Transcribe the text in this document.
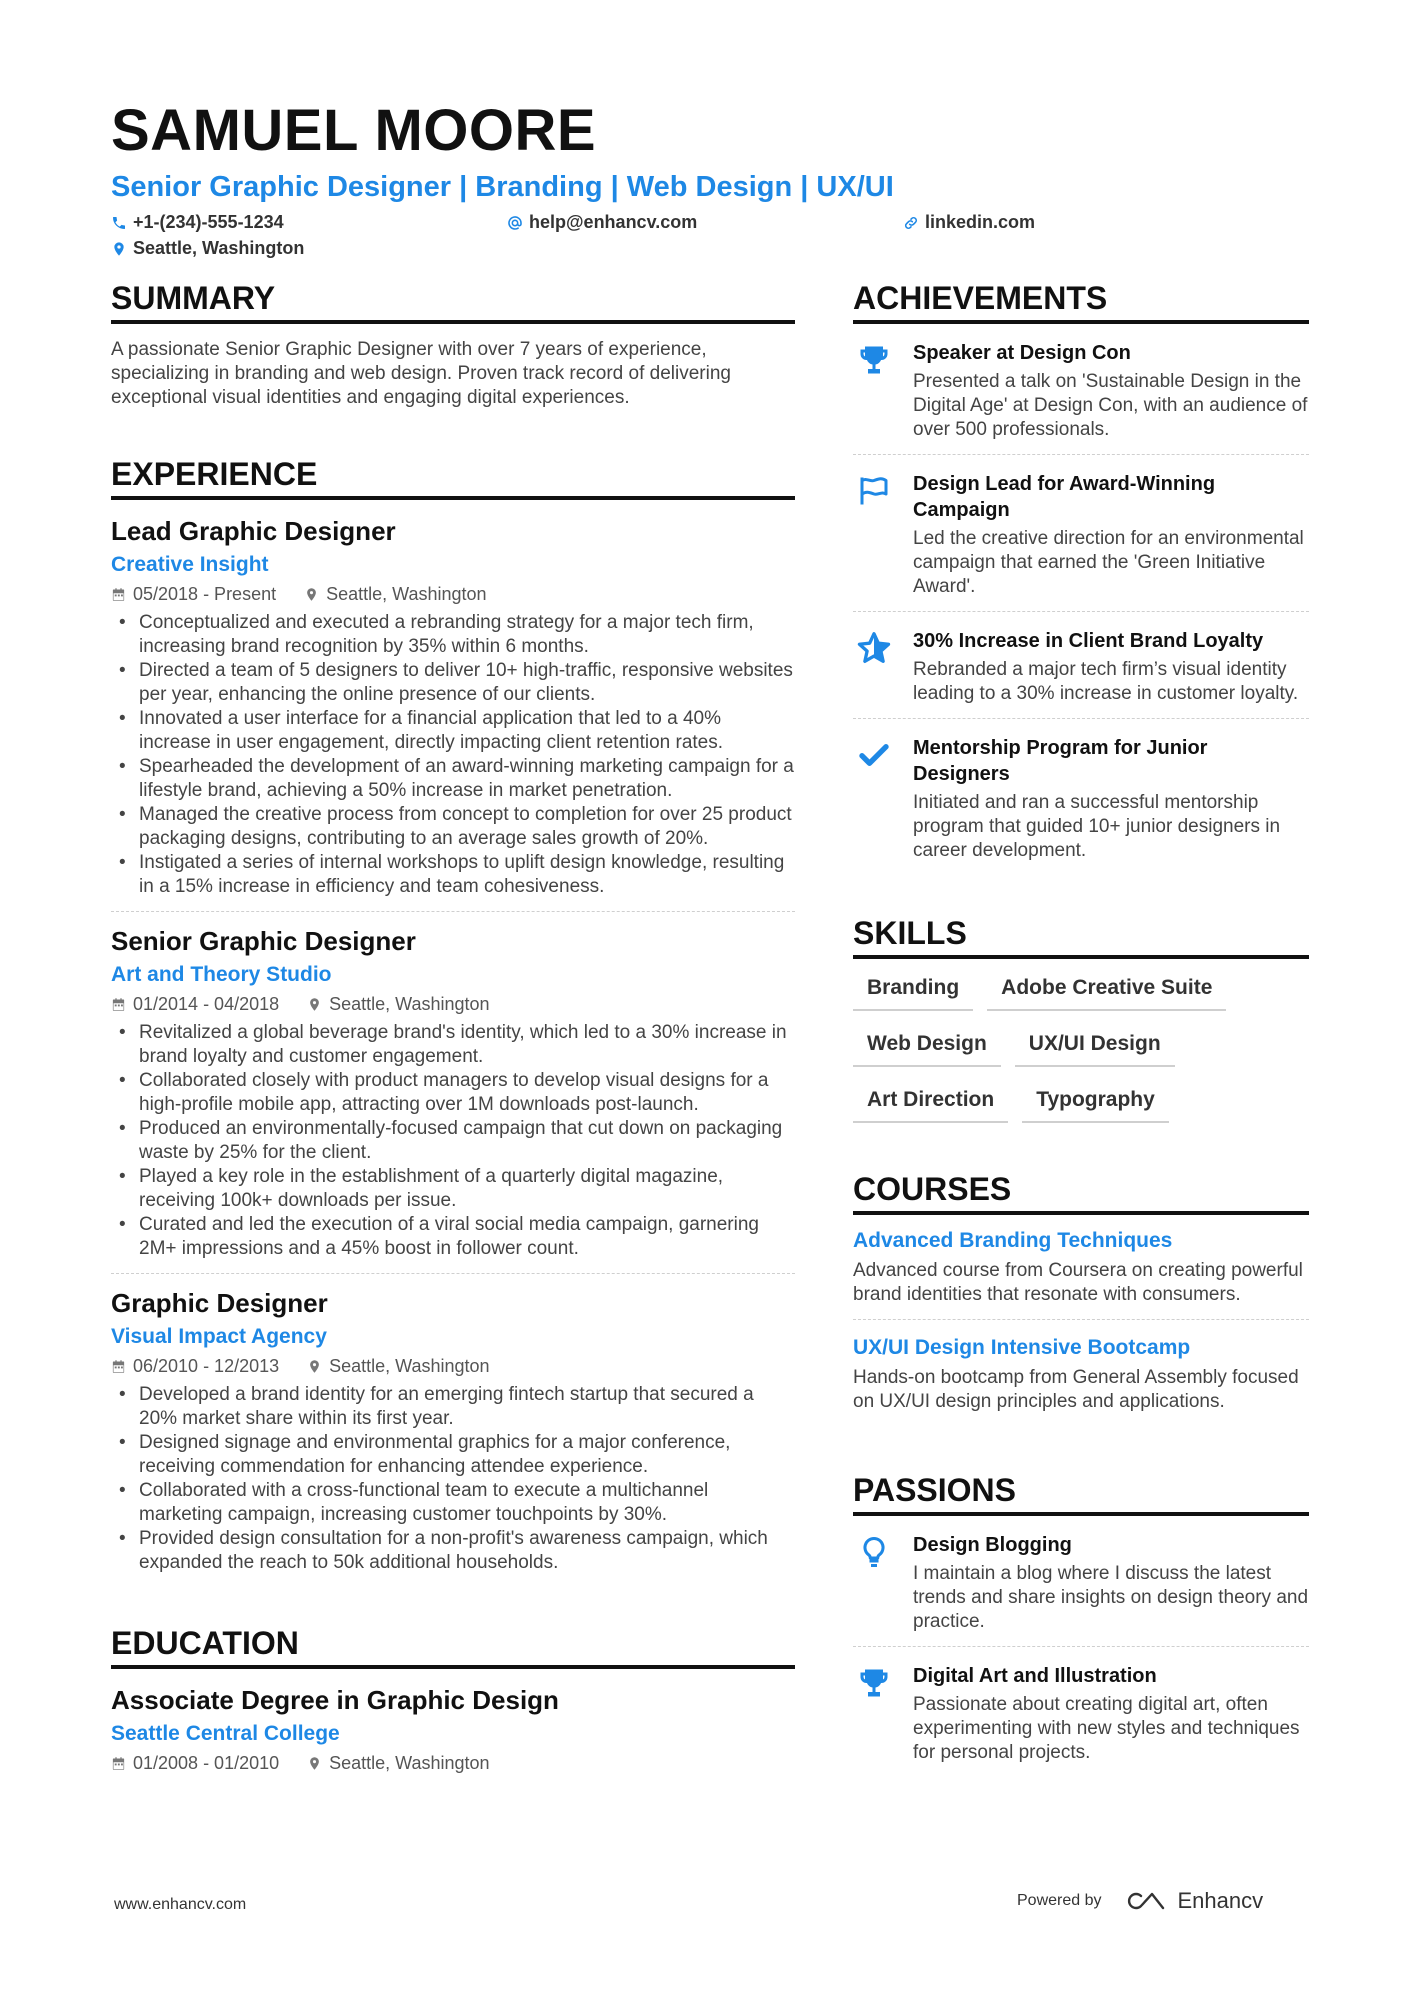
SAMUEL MOORE
Senior Graphic Designer | Branding | Web Design | UX/UI
+1-(234)-555-1234	help@enhancv.com	linkedin.com
Seattle, Washington
SUMMARY

A passionate Senior Graphic Designer with over 7 years of experience, specializing in branding and web design. Proven track record of delivering exceptional visual identities and engaging digital experiences.

EXPERIENCE
Lead Graphic Designer
Creative Insight
05/2018 - Present	Seattle, Washington
• Conceptualized and executed a rebranding strategy for a major tech firm, increasing brand recognition by 35% within 6 months.
• Directed a team of 5 designers to deliver 10+ high-traffic, responsive websites per year, enhancing the online presence of our clients.
• Innovated a user interface for a financial application that led to a 40% increase in user engagement, directly impacting client retention rates.
• Spearheaded the development of an award-winning marketing campaign for a lifestyle brand, achieving a 50% increase in market penetration.
• Managed the creative process from concept to completion for over 25 product packaging designs, contributing to an average sales growth of 20%.
• Instigated a series of internal workshops to uplift design knowledge, resulting in a 15% increase in efficiency and team cohesiveness.
Senior Graphic Designer
Art and Theory Studio
01/2014 - 04/2018	Seattle, Washington
• Revitalized a global beverage brand's identity, which led to a 30% increase in brand loyalty and customer engagement.
• Collaborated closely with product managers to develop visual designs for a high-profile mobile app, attracting over 1M downloads post-launch.
• Produced an environmentally-focused campaign that cut down on packaging waste by 25% for the client.
• Played a key role in the establishment of a quarterly digital magazine, receiving 100k+ downloads per issue.
• Curated and led the execution of a viral social media campaign, garnering 2M+ impressions and a 45% boost in follower count.
Graphic Designer
Visual Impact Agency
06/2010 - 12/2013	Seattle, Washington
• Developed a brand identity for an emerging fintech startup that secured a 20% market share within its first year.
• Designed signage and environmental graphics for a major conference, receiving commendation for enhancing attendee experience.
• Collaborated with a cross-functional team to execute a multichannel marketing campaign, increasing customer touchpoints by 30%.
• Provided design consultation for a non-profit's awareness campaign, which expanded the reach to 50k additional households.
EDUCATION
Associate Degree in Graphic Design
Seattle Central College
01/2008 - 01/2010	Seattle, Washington
ACHIEVEMENTS
Speaker at Design Con
Presented a talk on 'Sustainable Design in the Digital Age' at Design Con, with an audience of over 500 professionals.
Design Lead for Award-Winning Campaign
Led the creative direction for an environmental campaign that earned the 'Green Initiative Award'.
30% Increase in Client Brand Loyalty
Rebranded a major tech firm’s visual identity leading to a 30% increase in customer loyalty.
Mentorship Program for Junior Designers
Initiated and ran a successful mentorship program that guided 10+ junior designers in career development.
SKILLS
Branding	Adobe Creative Suite
Web Design	UX/UI Design
Art Direction	Typography
COURSES
Advanced Branding Techniques
Advanced course from Coursera on creating powerful brand identities that resonate with consumers.
UX/UI Design Intensive Bootcamp
Hands-on bootcamp from General Assembly focused on UX/UI design principles and applications.
PASSIONS
Design Blogging
I maintain a blog where I discuss the latest trends and share insights on design theory and practice.
Digital Art and Illustration
Passionate about creating digital art, often experimenting with new styles and techniques for personal projects.
www.enhancv.com	Powered by	Enhancv
